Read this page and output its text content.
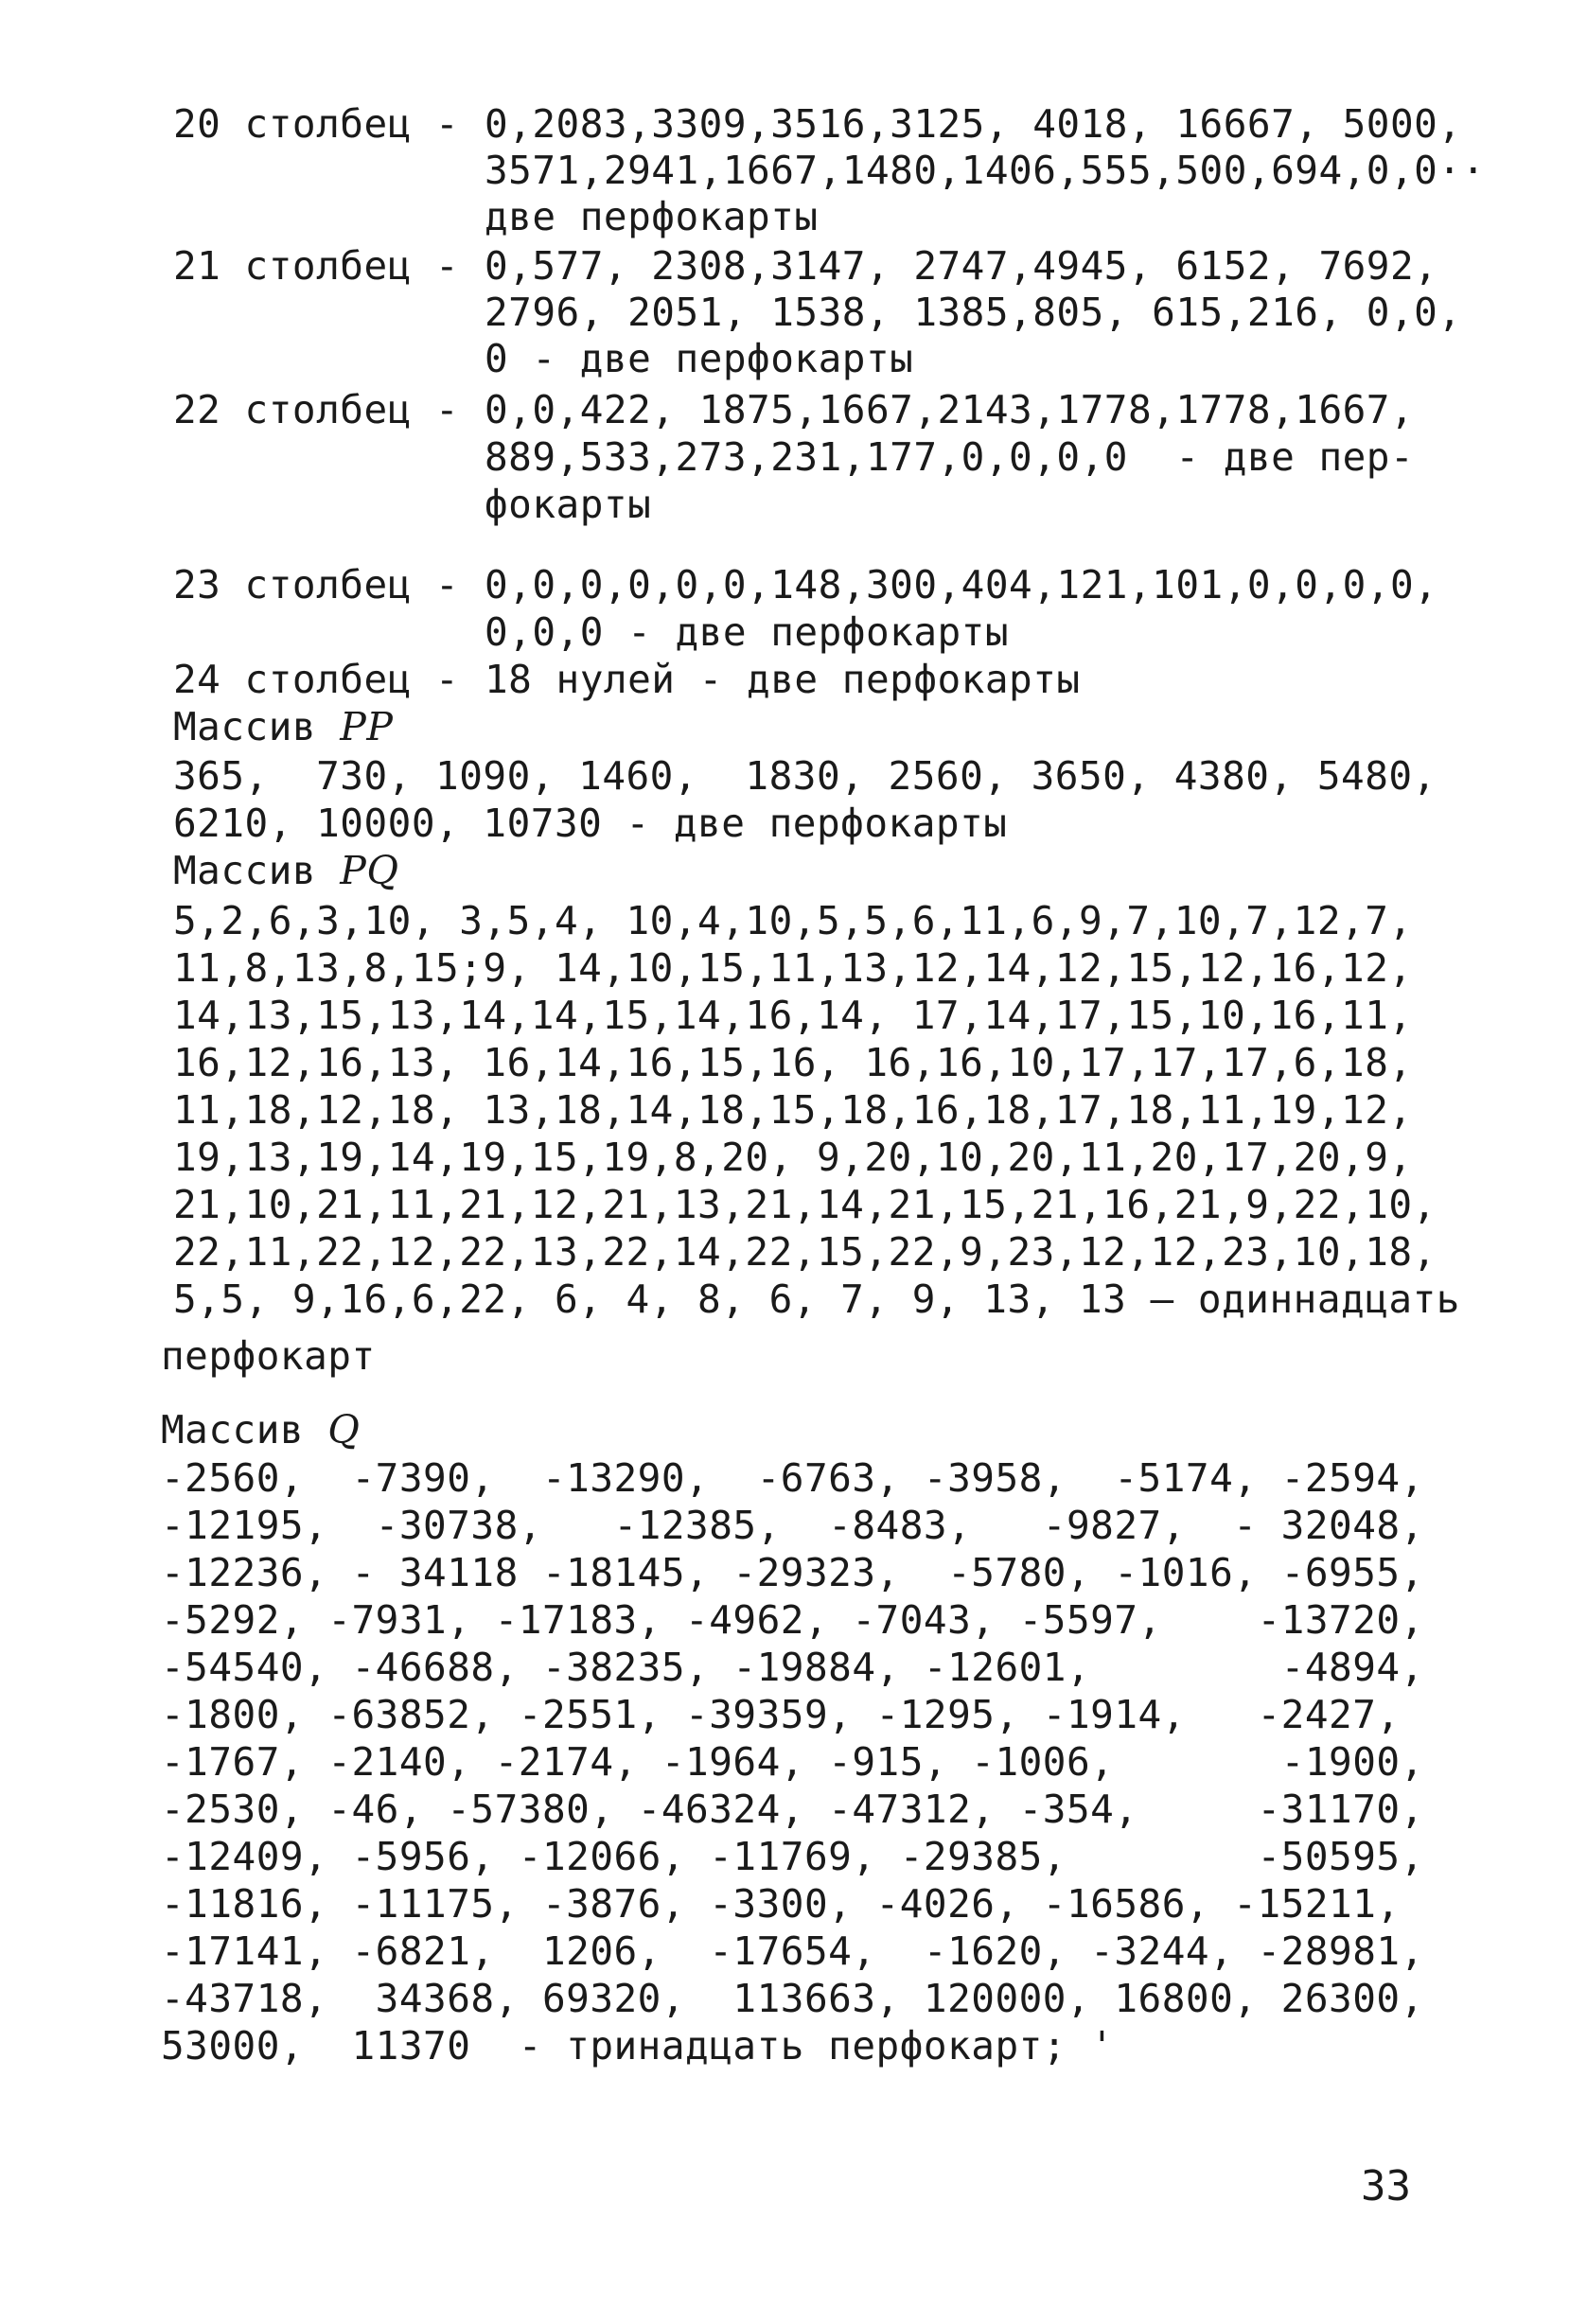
20 столбец - 0,2083,3309,3516,3125, 4018, 16667, 5000,
3571,2941,1667,1480,1406,555,500,694,0,0··
две перфокарты
21 столбец - 0,577, 2308,3147, 2747,4945, 6152, 7692,
2796, 2051, 1538, 1385,805, 615,216, 0,0,
0 - две перфокарты
22 столбец - 0,0,422, 1875,1667,2143,1778,1778,1667,
889,533,273,231,177,0,0,0,0  - две пер-
фокарты
23 столбец - 0,0,0,0,0,0,148,300,404,121,101,0,0,0,0,
0,0,0 - две перфокарты
24 столбец - 18 нулей - две перфокарты
Массив PP
365,  730, 1090, 1460,  1830, 2560, 3650, 4380, 5480,
6210, 10000, 10730 - две перфокарты
Массив PQ
5,2,6,3,10, 3,5,4, 10,4,10,5,5,6,11,6,9,7,10,7,12,7,
11,8,13,8,15;9, 14,10,15,11,13,12,14,12,15,12,16,12,
14,13,15,13,14,14,15,14,16,14, 17,14,17,15,10,16,11,
16,12,16,13, 16,14,16,15,16, 16,16,10,17,17,17,6,18,
11,18,12,18, 13,18,14,18,15,18,16,18,17,18,11,19,12,
19,13,19,14,19,15,19,8,20, 9,20,10,20,11,20,17,20,9,
21,10,21,11,21,12,21,13,21,14,21,15,21,16,21,9,22,10,
22,11,22,12,22,13,22,14,22,15,22,9,23,12,12,23,10,18,
5,5, 9,16,6,22, 6, 4, 8, 6, 7, 9, 13, 13 — одиннадцать
перфокарт
Массив Q
-2560,  -7390,  -13290,  -6763, -3958,  -5174, -2594,
-12195,  -30738,   -12385,  -8483,   -9827,  - 32048,
-12236, - 34118 -18145, -29323,  -5780, -1016, -6955,
-5292, -7931, -17183, -4962, -7043, -5597,    -13720,
-54540, -46688, -38235, -19884, -12601,        -4894,
-1800, -63852, -2551, -39359, -1295, -1914,   -2427,
-1767, -2140, -2174, -1964, -915, -1006,       -1900,
-2530, -46, -57380, -46324, -47312, -354,     -31170,
-12409, -5956, -12066, -11769, -29385,        -50595,
-11816, -11175, -3876, -3300, -4026, -16586, -15211,
-17141, -6821,  1206,  -17654,  -1620, -3244, -28981,
-43718,  34368, 69320,  113663, 120000, 16800, 26300,
53000,  11370  - тринадцать перфокарт; '
33
